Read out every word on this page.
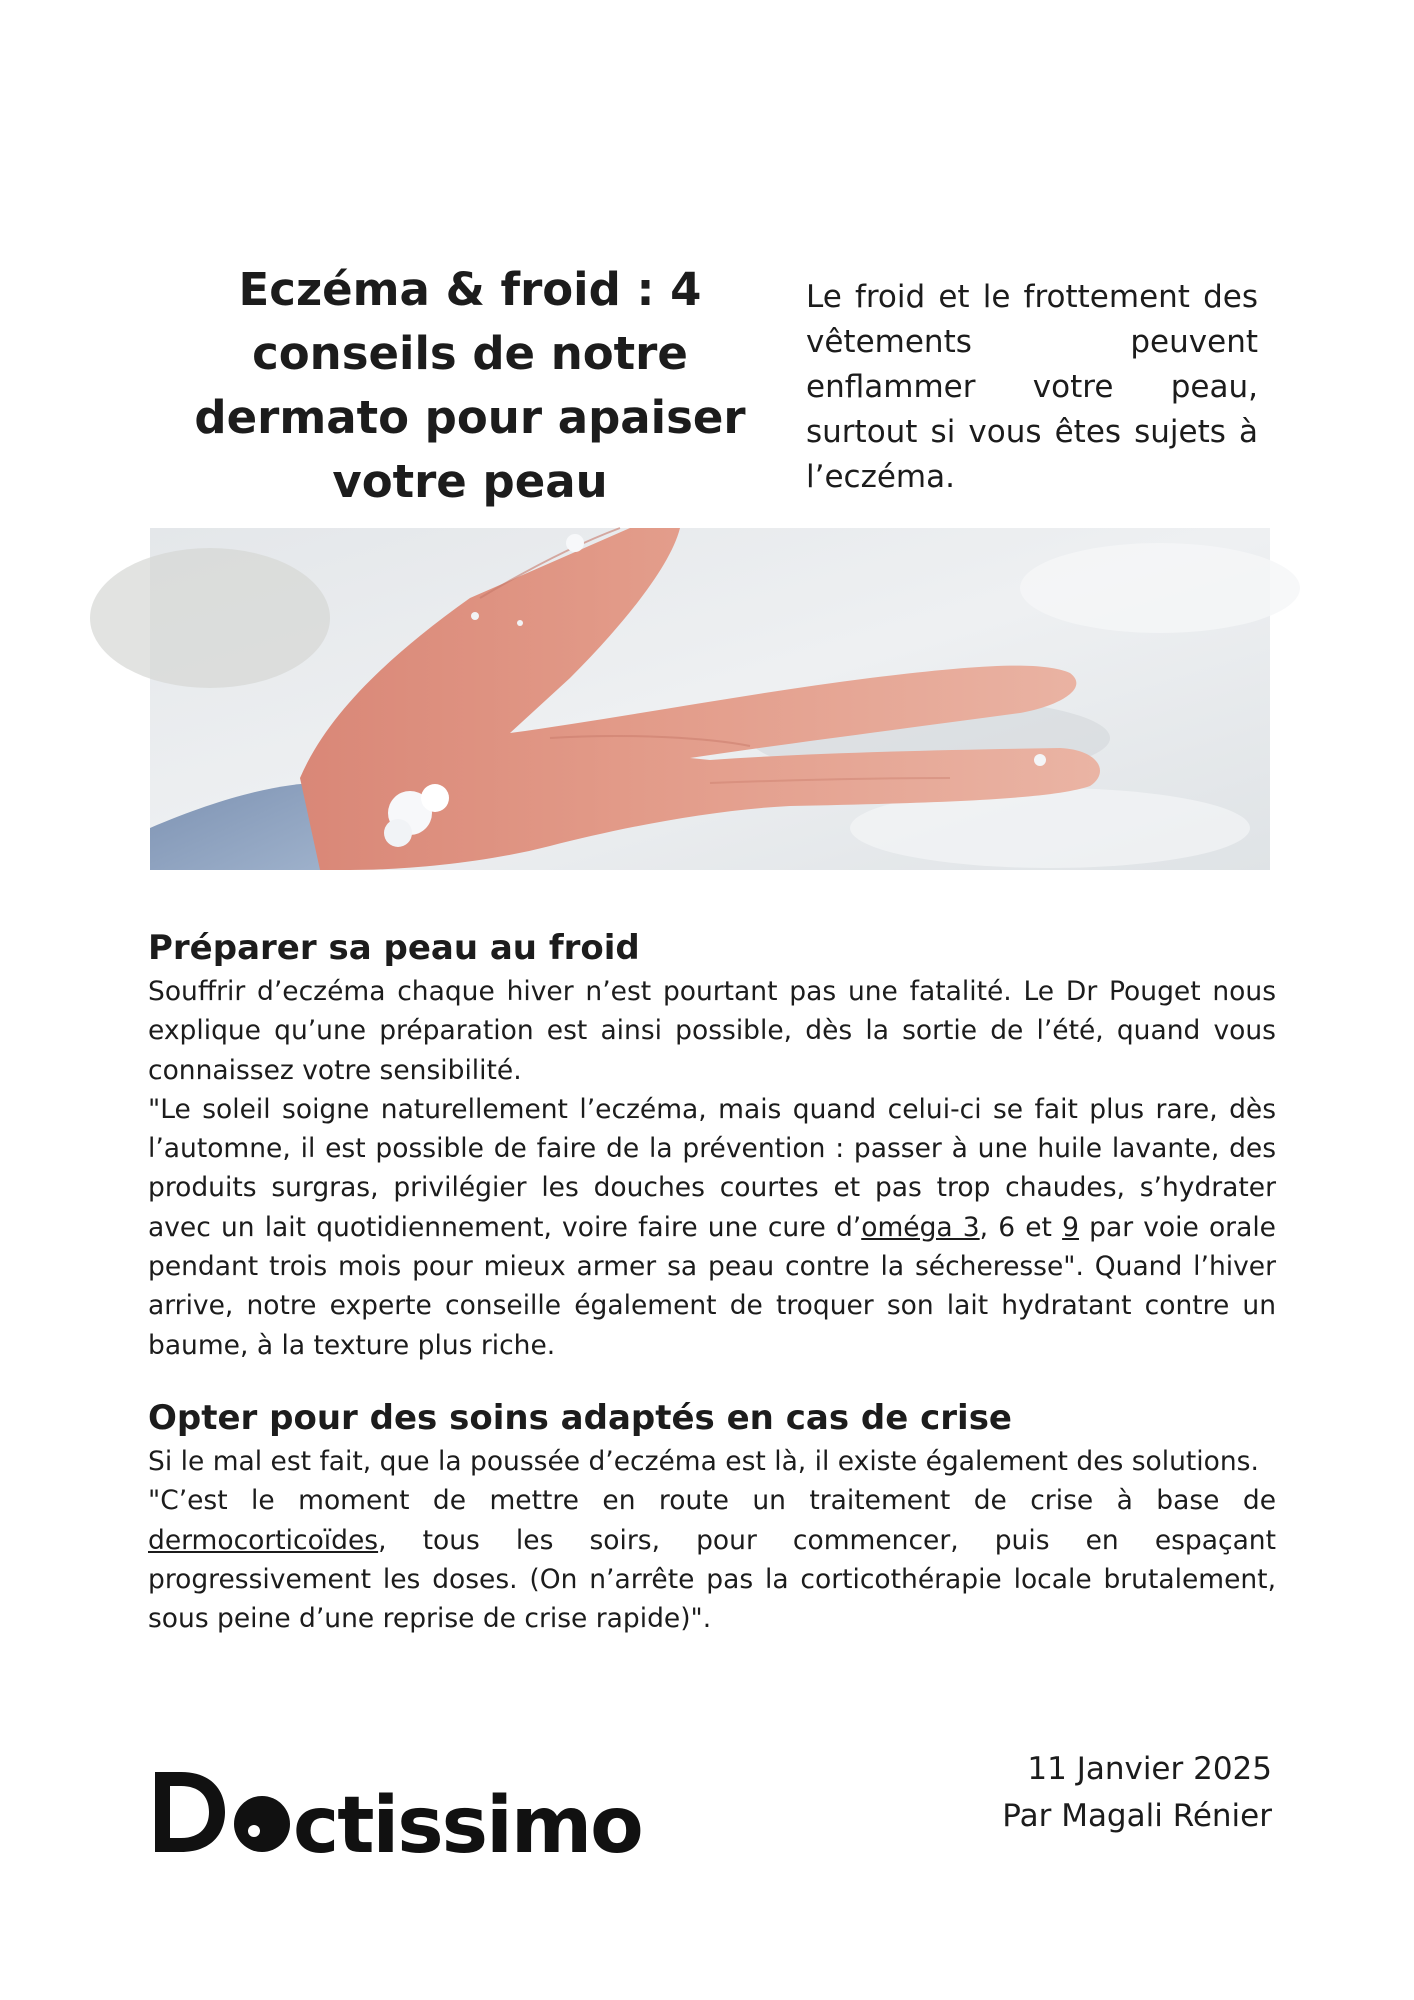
Eczéma & froid : 4 conseils de notre dermato pour apaiser votre peau
Le froid et le frottement des vêtements peuvent enflammer votre peau, surtout si vous êtes sujets à l’eczéma.
Préparer sa peau au froid

Souffrir d’eczéma chaque hiver n’est pourtant pas une fatalité. Le Dr Pouget nous explique qu’une préparation est ainsi possible, dès la sortie de l’été, quand vous connaissez votre sensibilité.

"Le soleil soigne naturellement l’eczéma, mais quand celui-ci se fait plus rare, dès l’automne, il est possible de faire de la prévention : passer à une huile lavante, des produits surgras, privilégier les douches courtes et pas trop chaudes, s’hydrater avec un lait quotidiennement, voire faire une cure d’oméga 3, 6 et 9 par voie orale pendant trois mois pour mieux armer sa peau contre la sécheresse". Quand l’hiver arrive, notre experte conseille également de troquer son lait hydratant contre un baume, à la texture plus riche.

Opter pour des soins adaptés en cas de crise

Si le mal est fait, que la poussée d’eczéma est là, il existe également des solutions.

"C’est le moment de mettre en route un traitement de crise à base de dermocorticoïdes, tous les soirs, pour commencer, puis en espaçant progressivement les doses. (On n’arrête pas la corticothérapie locale brutalement, sous peine d’une reprise de crise rapide)".

ctissimo
11 Janvier 2025
Par Magali Rénier
